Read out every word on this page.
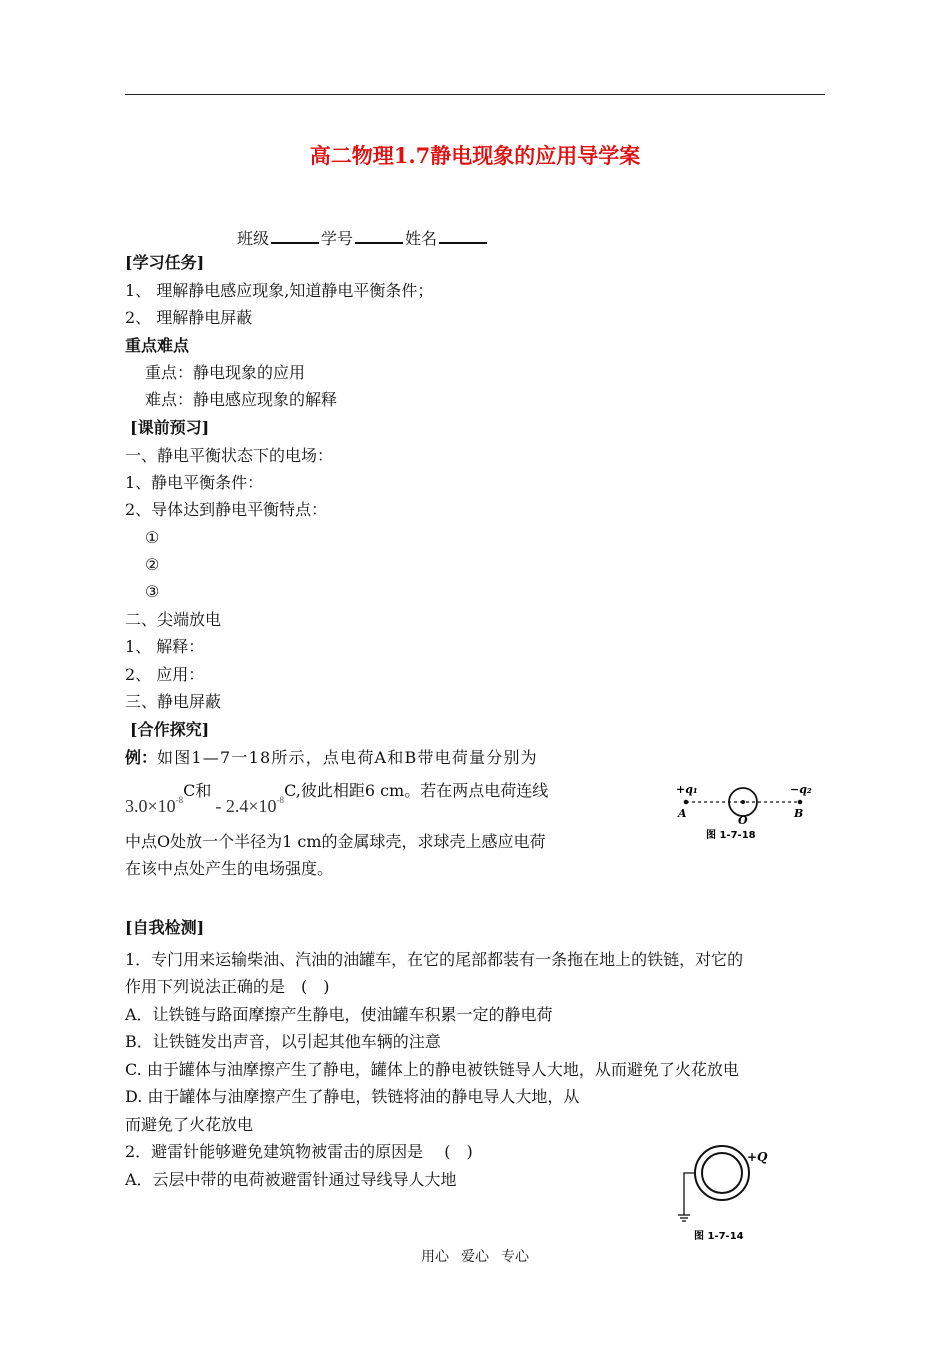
高二物理1.7静电现象的应用导学案
班级	学号	姓名
[学习任务]
1、 理解静电感应现象,知道静电平衡条件；
2、 理解静电屏蔽
重点难点
重点：静电现象的应用
难点：静电感应现象的解释
[课前预习]
一、静电平衡状态下的电场：
1、静电平衡条件：
2、导体达到静电平衡特点：
①
②
③
二、尖端放电
1、 解释：
2、 应用：
三、静电屏蔽
[合作探究]
例：如图1—7一18所示，点电荷A和B带电荷量分别为
$3.0\times 10^{-8}C$和- $2.4\times 10^{-8}C$,彼此相距6 cm。若在两点电荷连线
中点O处放一个半径为1 cm的金属球壳，求球壳上感应电荷
在该中点处产生的电场强度。
+q₁	−q₂
A
O
B
图 1-7-18
[自我检测]
1．专门用来运输柴油、汽油的油罐车，在它的尾部都装有一条拖在地上的铁链，对它的
作用下列说法正确的是　(　)
A．让铁链与路面摩擦产生静电，使油罐车积累一定的静电荷
B．让铁链发出声音，以引起其他车辆的注意
C. 由于罐体与油摩擦产生了静电，罐体上的静电被铁链导人大地，从而避免了火花放电
D. 由于罐体与油摩擦产生了静电，铁链将油的静电导人大地，从
而避免了火花放电
2．避雷针能够避免建筑物被雷击的原因是　 (　)
A．云层中带的电荷被避雷针通过导线导人大地
+Q
图 1-7-14
用心 爱心 专心
